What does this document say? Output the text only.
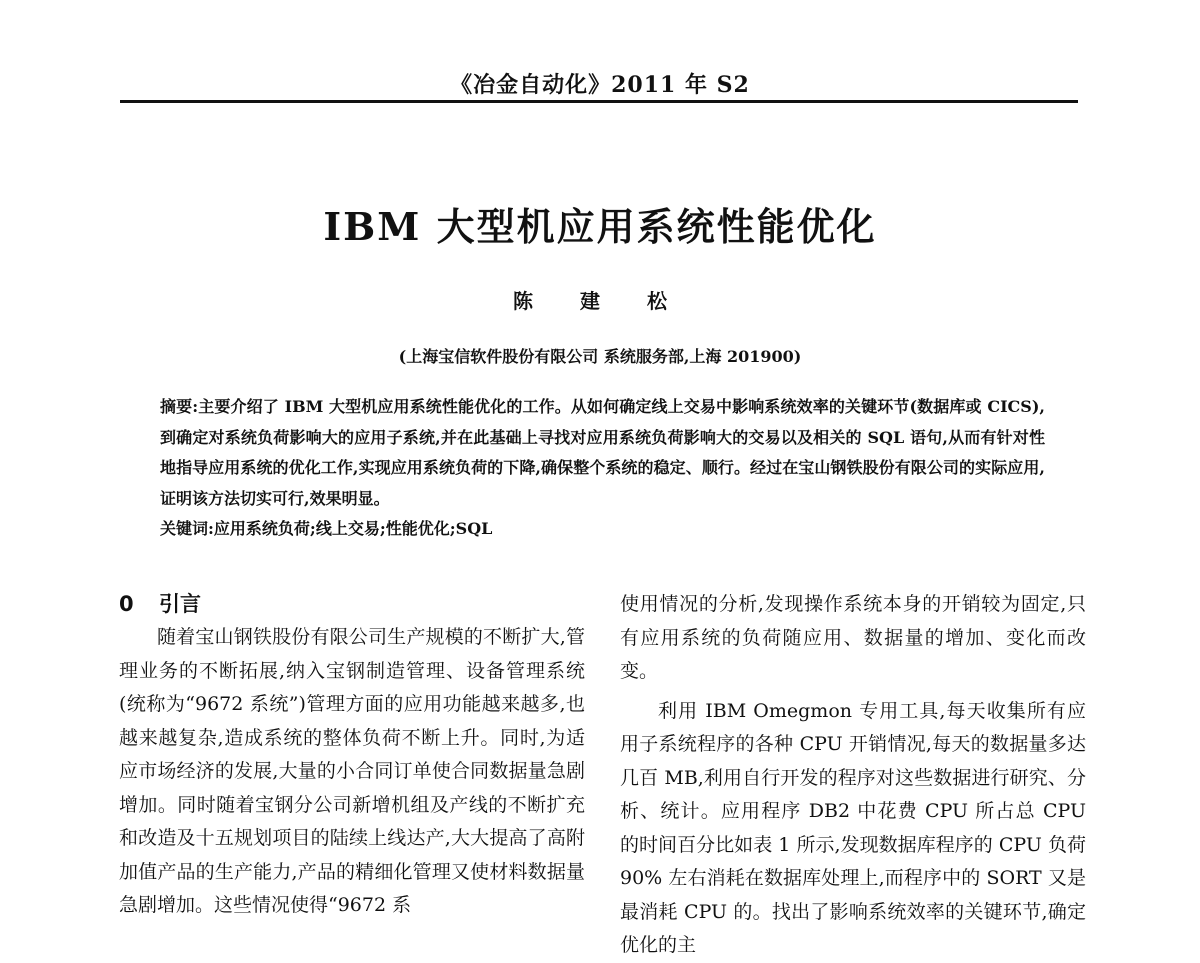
《冶金自动化》2011 年 S2
IBM 大型机应用系统性能优化
陈 建 松
(上海宝信软件股份有限公司 系统服务部,上海 201900)

摘要:主要介绍了 IBM 大型机应用系统性能优化的工作。从如何确定线上交易中影响系统效率的关键环节(数据库或 CICS),到确定对系统负荷影响大的应用子系统,并在此基础上寻找对应用系统负荷影响大的交易以及相关的 SQL 语句,从而有针对性地指导应用系统的优化工作,实现应用系统负荷的下降,确保整个系统的稳定、顺行。经过在宝山钢铁股份有限公司的实际应用,证明该方法切实可行,效果明显。

关键词:应用系统负荷;线上交易;性能优化;SQL

0 引言

随着宝山钢铁股份有限公司生产规模的不断扩大,管理业务的不断拓展,纳入宝钢制造管理、设备管理系统(统称为“9672 系统”)管理方面的应用功能越来越多,也越来越复杂,造成系统的整体负荷不断上升。同时,为适应市场经济的发展,大量的小合同订单使合同数据量急剧增加。同时随着宝钢分公司新增机组及产线的不断扩充和改造及十五规划项目的陆续上线达产,大大提高了高附加值产品的生产能力,产品的精细化管理又使材料数据量急剧增加。这些情况使得“9672 系

使用情况的分析,发现操作系统本身的开销较为固定,只有应用系统的负荷随应用、数据量的增加、变化而改变。

利用 IBM Omegmon 专用工具,每天收集所有应用子系统程序的各种 CPU 开销情况,每天的数据量多达几百 MB,利用自行开发的程序对这些数据进行研究、分析、统计。应用程序 DB2 中花费 CPU 所占总 CPU 的时间百分比如表 1 所示,发现数据库程序的 CPU 负荷 90% 左右消耗在数据库处理上,而程序中的 SORT 又是最消耗 CPU 的。找出了影响系统效率的关键环节,确定优化的主
